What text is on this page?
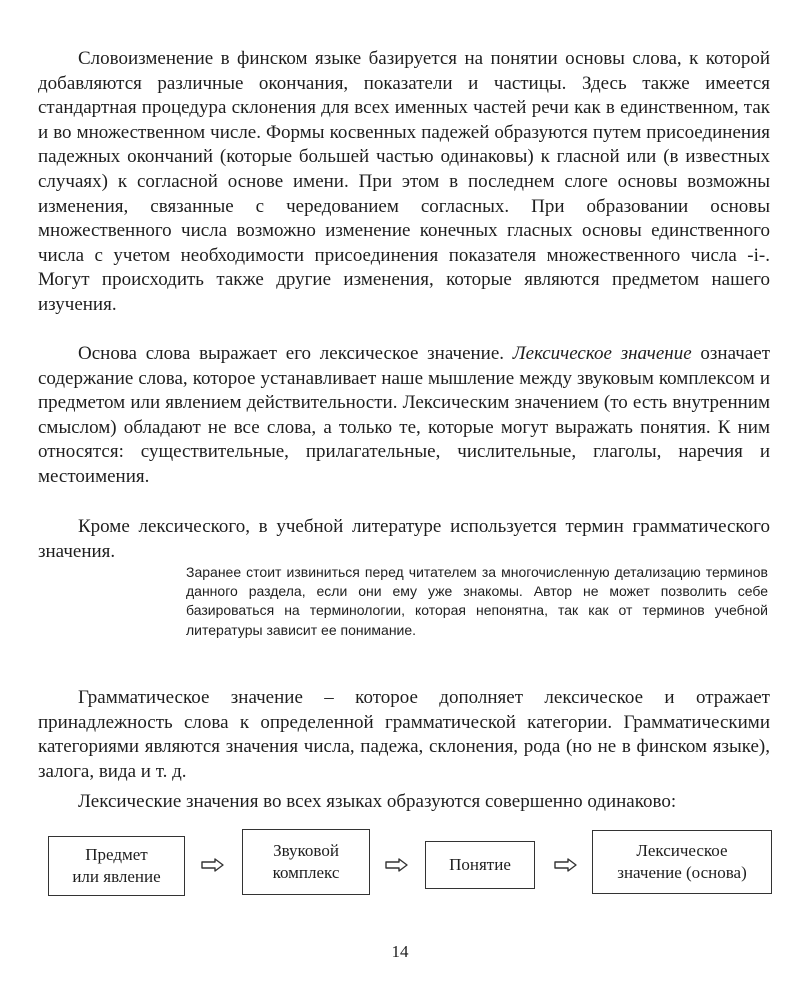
Словоизменение в финском языке базируется на понятии основы слова, к которой добавляются различные окончания, показатели и частицы. Здесь также имеется стандартная процедура склонения для всех именных частей речи как в единственном, так и во множественном числе. Формы косвенных падежей образуются путем присоединения падежных окончаний (которые большей частью одинаковы) к гласной или (в известных случаях) к согласной основе имени. При этом в последнем слоге основы возможны изменения, связанные с чередованием согласных. При образовании основы множественного числа возможно изменение конечных гласных основы единственного числа с учетом необходимости присоединения показателя множественного числа -i-. Могут происходить также другие изменения, которые являются предметом нашего изучения.

Основа слова выражает его лексическое значение. Лексическое значение означает содержание слова, которое устанавливает наше мышление между звуковым комплексом и предметом или явлением действительности. Лексическим значением (то есть внутренним смыслом) обладают не все слова, а только те, которые могут выражать понятия. К ним относятся: существительные, прилагательные, числительные, глаголы, наречия и местоимения.

Кроме лексического, в учебной литературе используется термин грамматического значения.

Заранее стоит извиниться перед читателем за многочисленную детализацию терминов данного раздела, если они ему уже знакомы. Автор не может позволить себе базироваться на терминологии, которая непонятна, так как от терминов учебной литературы зависит ее понимание.

Грамматическое значение – которое дополняет лексическое и отражает принадлежность слова к определенной грамматической категории. Грамматическими категориями являются значения числа, падежа, склонения, рода (но не в финском языке), залога, вида и т. д.

Лексические значения во всех языках образуются совершенно одинаково:

Предмет
или явление
Звуковой
комплекс	Понятие
Лексическое
значение (основа)
14
